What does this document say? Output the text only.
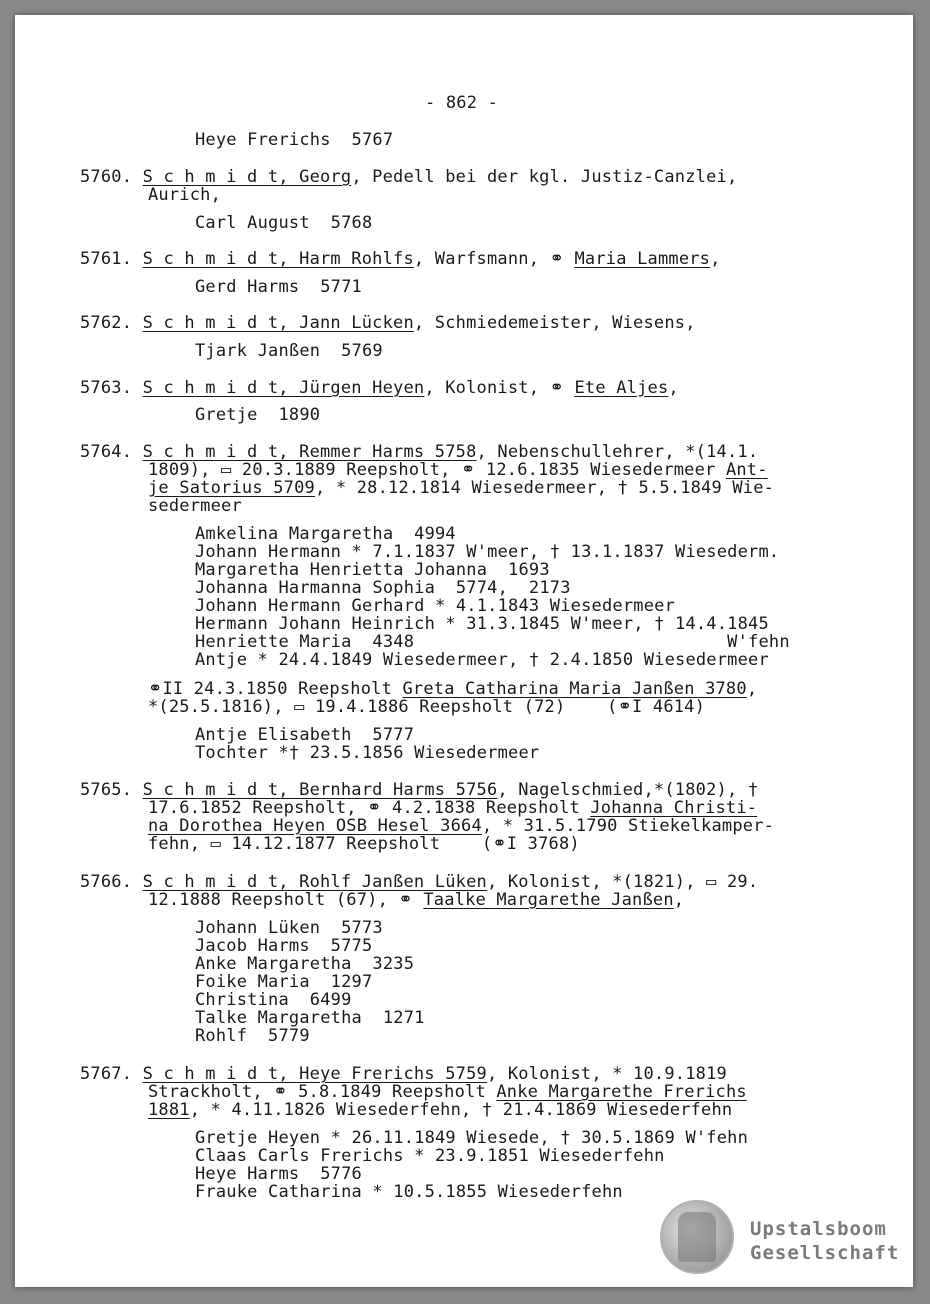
- 862 -
Heye Frerichs  5767
5760. S c h m i d t, Georg, Pedell bei der kgl. Justiz-Canzlei,
Aurich,
Carl August  5768
5761. S c h m i d t, Harm Rohlfs, Warfsmann, ⚭ Maria Lammers,
Gerd Harms  5771
5762. S c h m i d t, Jann Lücken, Schmiedemeister, Wiesens,
Tjark Janßen  5769
5763. S c h m i d t, Jürgen Heyen, Kolonist, ⚭ Ete Aljes,
Gretje  1890
5764. S c h m i d t, Remmer Harms 5758, Nebenschullehrer, *(14.1.
1809), ▭ 20.3.1889 Reepsholt, ⚭ 12.6.1835 Wiesedermeer Ant-
je Satorius 5709, * 28.12.1814 Wiesedermeer, † 5.5.1849 Wie-
sedermeer
Amkelina Margaretha  4994
Johann Hermann * 7.1.1837 W'meer, † 13.1.1837 Wiesederm.
Margaretha Henrietta Johanna  1693
Johanna Harmanna Sophia  5774,  2173
Johann Hermann Gerhard * 4.1.1843 Wiesedermeer
Hermann Johann Heinrich * 31.3.1845 W'meer, † 14.4.1845
Henriette Maria  4348                              W'fehn
Antje * 24.4.1849 Wiesedermeer, † 2.4.1850 Wiesedermeer
⚭II 24.3.1850 Reepsholt Greta Catharina Maria Janßen 3780,
*(25.5.1816), ▭ 19.4.1886 Reepsholt (72)    (⚭I 4614)
Antje Elisabeth  5777
Tochter *† 23.5.1856 Wiesedermeer
5765. S c h m i d t, Bernhard Harms 5756, Nagelschmied,*(1802), †
17.6.1852 Reepsholt, ⚭ 4.2.1838 Reepsholt Johanna Christi-
na Dorothea Heyen OSB Hesel 3664, * 31.5.1790 Stiekelkamper-
fehn, ▭ 14.12.1877 Reepsholt    (⚭I 3768)
5766. S c h m i d t, Rohlf Janßen Lüken, Kolonist, *(1821), ▭ 29.
12.1888 Reepsholt (67), ⚭ Taalke Margarethe Janßen,
Johann Lüken  5773
Jacob Harms  5775
Anke Margaretha  3235
Foike Maria  1297
Christina  6499
Talke Margaretha  1271
Rohlf  5779
5767. S c h m i d t, Heye Frerichs 5759, Kolonist, * 10.9.1819
Strackholt, ⚭ 5.8.1849 Reepsholt Anke Margarethe Frerichs
1881, * 4.11.1826 Wiesederfehn, † 21.4.1869 Wiesederfehn
Gretje Heyen * 26.11.1849 Wiesede, † 30.5.1869 W'fehn
Claas Carls Frerichs * 23.9.1851 Wiesederfehn
Heye Harms  5776
Frauke Catharina * 10.5.1855 Wiesederfehn
Upstalsboom
Gesellschaft
